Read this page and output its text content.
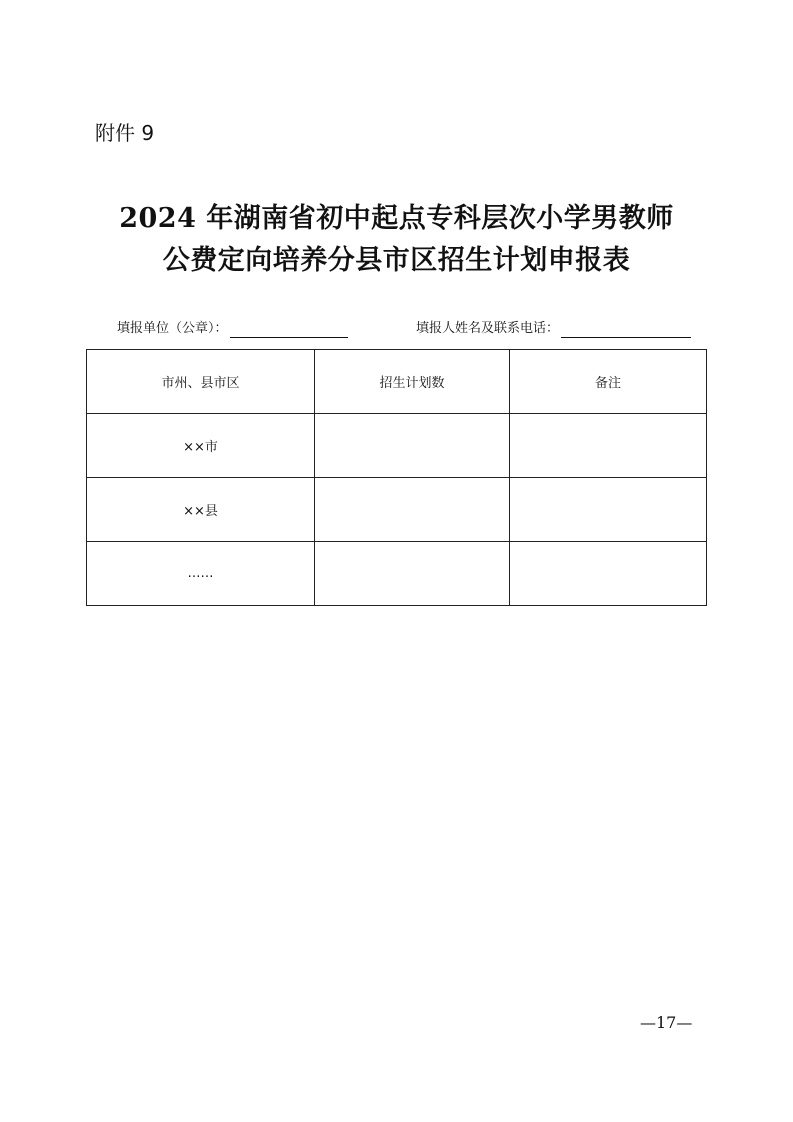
附件 9
2024 年湖南省初中起点专科层次小学男教师
公费定向培养分县市区招生计划申报表
填报单位（公章）：	填报人姓名及联系电话：
市州、县市区	招生计划数	备注
××市		
××县		
……		
—17—
